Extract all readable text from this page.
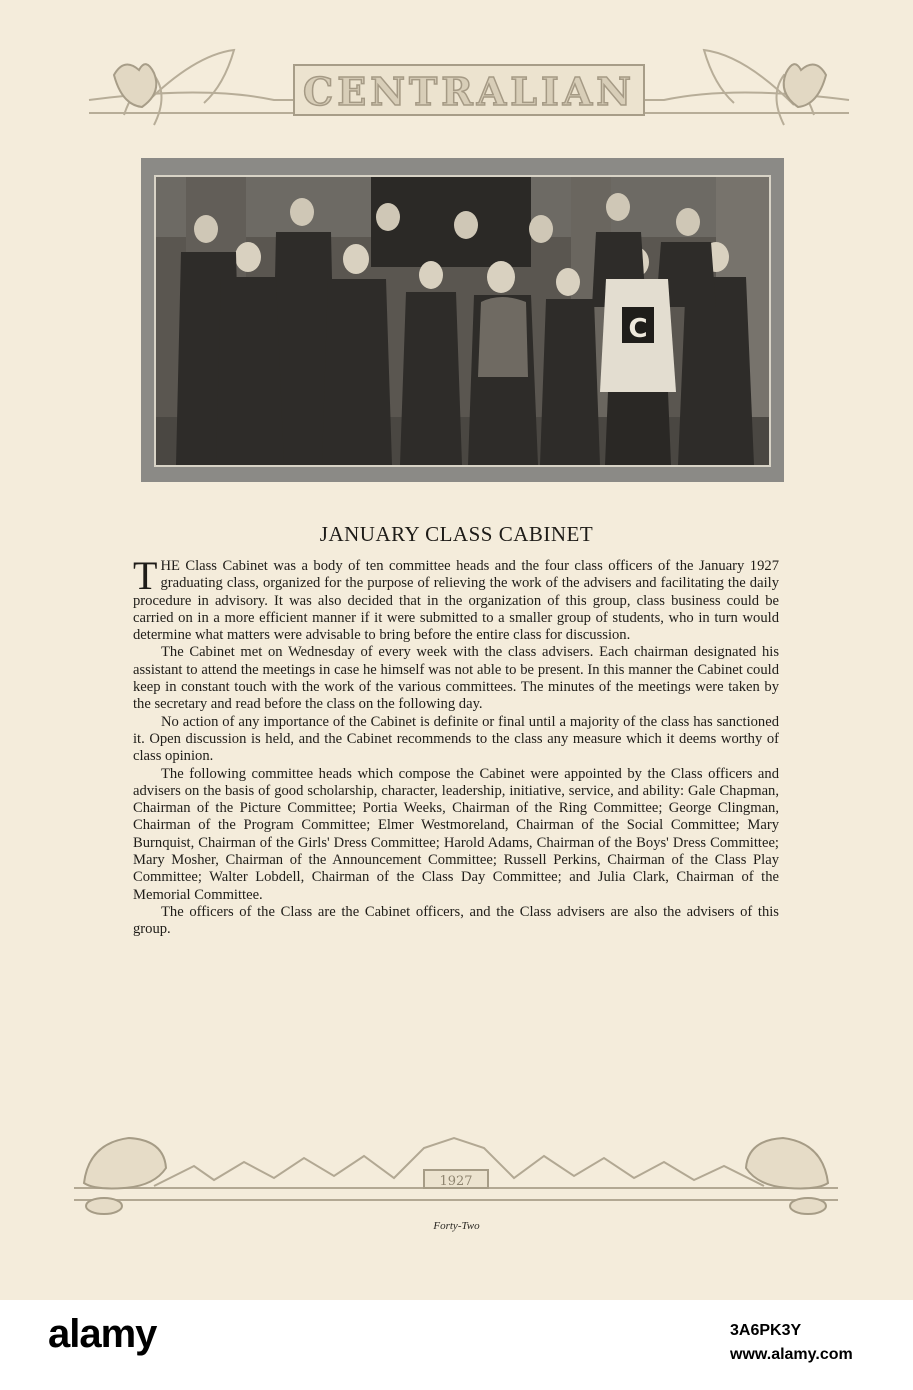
CENTRALIAN
C
JANUARY CLASS CABINET

THE Class Cabinet was a body of ten committee heads and the four class officers of the January 1927 graduating class, organized for the purpose of relieving the work of the advisers and facilitating the daily procedure in advisory. It was also decided that in the organization of this group, class business could be carried on in a more efficient manner if it were submitted to a smaller group of students, who in turn would determine what matters were advisable to bring before the entire class for discussion.

The Cabinet met on Wednesday of every week with the class advisers. Each chairman designated his assistant to attend the meetings in case he himself was not able to be present. In this manner the Cabinet could keep in constant touch with the work of the various committees. The minutes of the meetings were taken by the secretary and read before the class on the following day.

No action of any importance of the Cabinet is definite or final until a majority of the class has sanctioned it. Open discussion is held, and the Cabinet recommends to the class any measure which it deems worthy of class opinion.

The following committee heads which compose the Cabinet were appointed by the Class officers and advisers on the basis of good scholarship, character, leadership, initiative, service, and ability: Gale Chapman, Chairman of the Picture Committee; Portia Weeks, Chairman of the Ring Committee; George Clingman, Chairman of the Program Committee; Elmer Westmoreland, Chairman of the Social Committee; Mary Burnquist, Chairman of the Girls' Dress Committee; Harold Adams, Chairman of the Boys' Dress Committee; Mary Mosher, Chairman of the Announcement Committee; Russell Perkins, Chairman of the Class Play Committee; Walter Lobdell, Chairman of the Class Day Committee; and Julia Clark, Chairman of the Memorial Committee.

The officers of the Class are the Cabinet officers, and the Class advisers are also the advisers of this group.

1927
Forty-Two
alamy	3A6PK3Y
www.alamy.com
